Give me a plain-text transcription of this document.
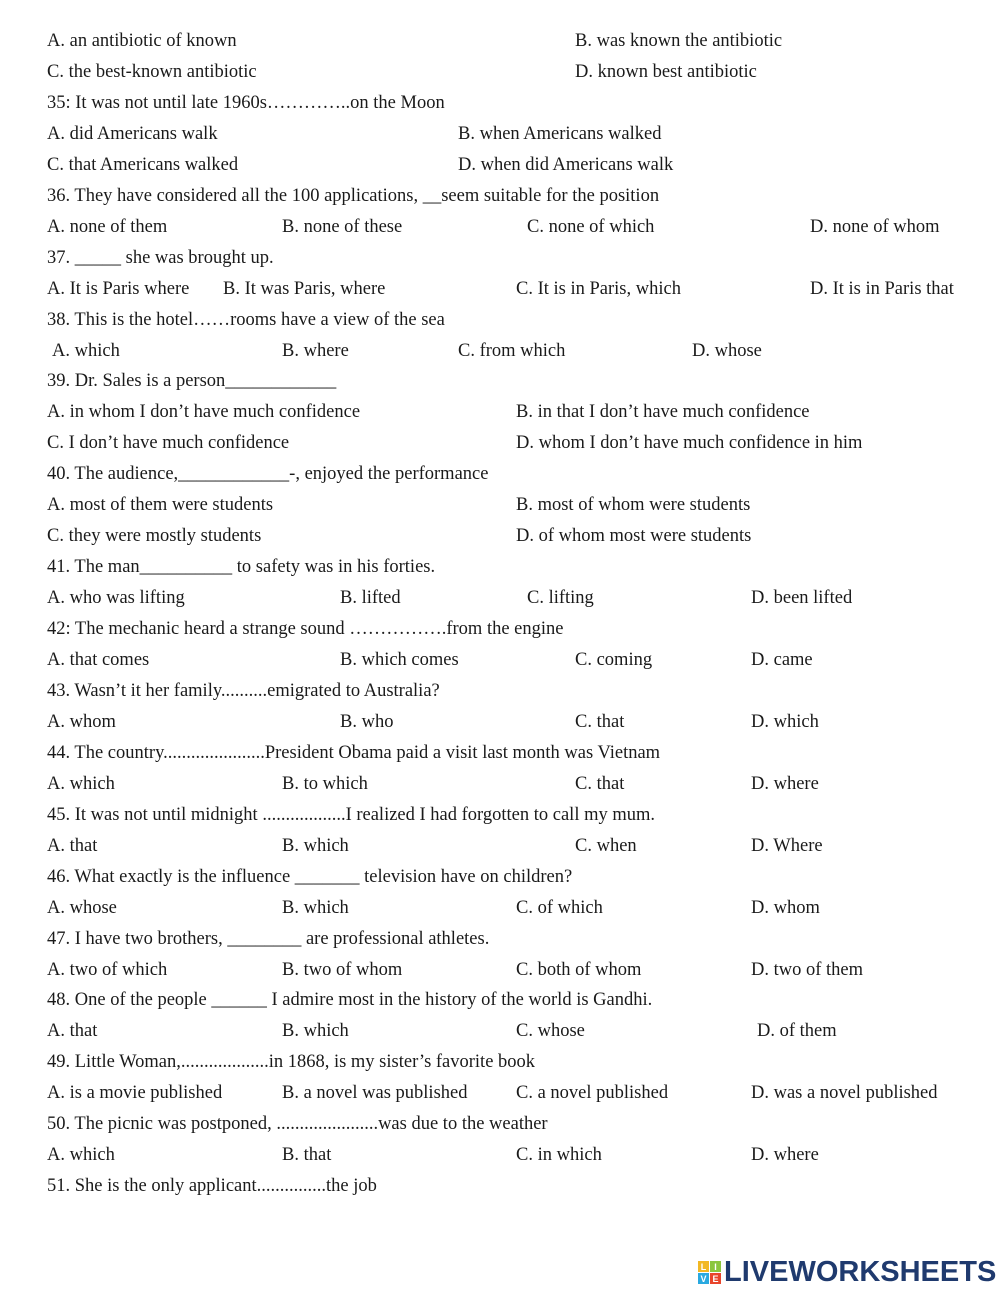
A. an antibiotic of known	B. was known the antibiotic
C. the best-known antibiotic	D. known best antibiotic
35: It was not until late 1960s…………..on the Moon
A. did Americans walk	B. when Americans walked
C. that Americans walked	D. when did Americans walk
36. They have considered all the 100 applications, __seem suitable for the position
A. none of them	B. none of these	C. none of which	D. none of whom
37. _____ she was brought up.
A. It is Paris where B. It was Paris, where	C. It is in Paris, which	D. It is in Paris that
38. This is the hotel……rooms have a view of the sea
A. which	B. where	C. from which	D. whose
39. Dr. Sales is a person____________
A. in whom I don’t have much confidence	B. in that I don’t have much confidence
C. I don’t have much confidence	D. whom I don’t have much confidence in him
40. The audience,____________-, enjoyed the performance
A. most of them were students	B. most of whom were students
C. they were mostly students	D. of whom most were students
41. The man__________ to safety was in his forties.
A. who was lifting	B. lifted	C. lifting	D. been lifted
42: The mechanic heard a strange sound …………….from the engine
A. that comes	B. which comes	C. coming	D. came
43. Wasn’t it her family..........emigrated to Australia?
A. whom	B. who	C. that	D. which
44. The country......................President Obama paid a visit last month was Vietnam
A. which	B. to which	C. that	D. where
45. It was not until midnight ..................I realized I had forgotten to call my mum.
A. that	B. which	C. when	D. Where
46. What exactly is the influence _______ television have on children?
A. whose	B. which	C. of which	D. whom
47. I have two brothers, ________ are professional athletes.
A. two of which	B. two of whom	C. both of whom	D. two of them
48. One of the people ______ I admire most in the history of the world is Gandhi.
A. that	B. which	C. whose	D. of them
49. Little Woman,...................in 1868, is my sister’s favorite book
A. is a movie published	B. a novel was published	C. a novel published	D. was a novel published
50. The picnic was postponed, ......................was due to the weather
A. which	B. that	C. in which	D. where
51. She is the only applicant...............the job
L I
V E LIVEWORKSHEETS
